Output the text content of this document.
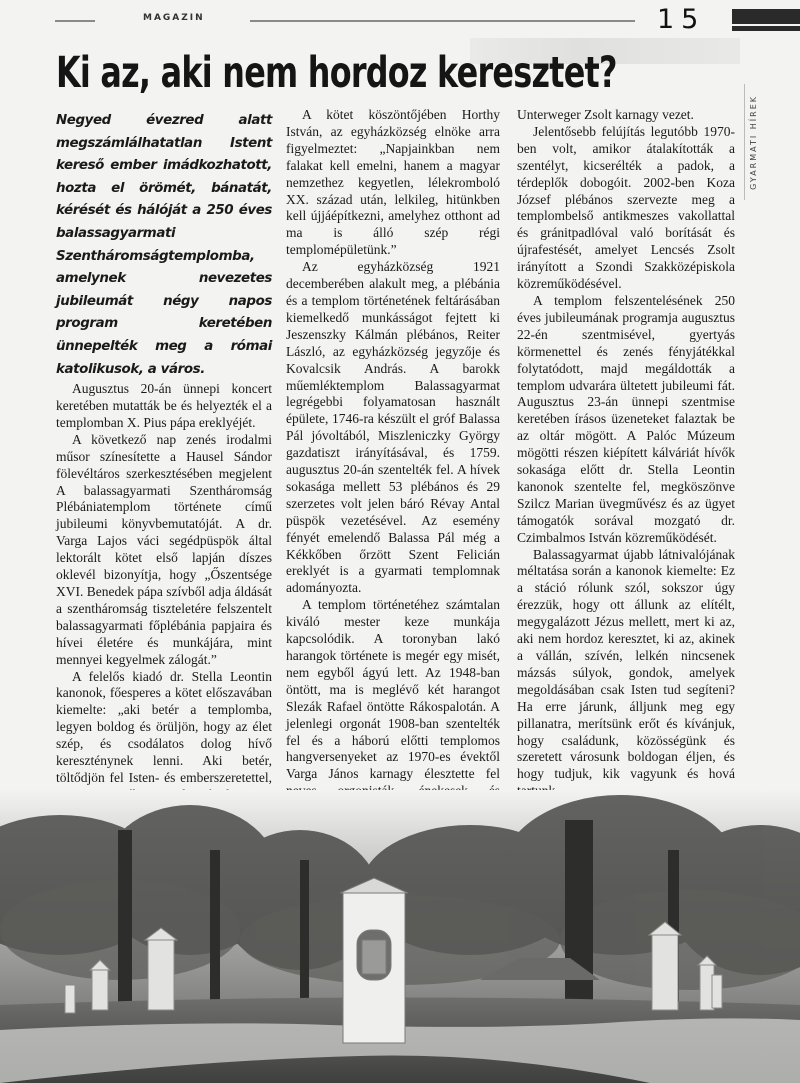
MAGAZIN	15
GYARMATI HÍREK
Ki az, aki nem hordoz keresztet?

Negyed évezred alatt megszámlálhatatlan Istent kereső ember imádkozhatott, hozta el örömét, bánatát, kérését és hálóját a 250 éves balassagyarmati Szentháromságtemplomba, amelynek nevezetes jubileumát négy napos program keretében ünnepelték meg a római katolikusok, a város.

Augusztus 20-án ünnepi koncert keretében mutatták be és helyezték el a templomban X. Pius pápa ereklyéjét.

A következő nap zenés irodalmi műsor színesítette a Hausel Sándor fölevéltáros szerkesztésében megjelent A balassagyarmati Szentháromság Plébániatemplom története című jubileumi könyvbemutatóját. A dr. Varga Lajos váci segédpüspök által lektorált kötet első lapján díszes oklevél bizonyítja, hogy „Őszentsége XVI. Benedek pápa szívből adja áldását a szentháromság tiszteletére felszentelt balassagyarmati főplébánia papjaira és hívei életére és munkájára, mint mennyei kegyelmek zálogát.”

A felelős kiadó dr. Stella Leontin kanonok, főesperes a kötet előszavában kiemelte: „aki betér a templomba, legyen boldog és örüljön, hogy az élet szép, és csodálatos dolog hívő kereszténynek lenni. Aki betér, töltődjön fel Isten- és emberszeretettel,

A kötet köszöntőjében Horthy István, az egyházközség elnöke arra figyelmeztet: „Napjainkban nem falakat kell emelni, hanem a magyar nemzethez kegyetlen, lélekromboló XX. század után, lelkileg, hitünkben kell újjáépítkezni, amelyhez otthont ad ma is álló szép régi templomépületünk.”

Az egyházközség 1921 decemberében alakult meg, a plébánia és a templom történetének feltárásában kiemelkedő munkásságot fejtett ki Jeszenszky Kálmán plébános, Reiter László, az egyházközség jegyzője és Kovalcsik András. A barokk műemléktemplom Balassagyarmat legrégebbi folyamatosan használt épülete, 1746-ra készült el gróf Balassa Pál jóvoltából, Miszleniczky György gazdatiszt irányításával, és 1759. augusztus 20-án szentelték fel. A hívek sokasága mellett 53 plébános és 29 szerzetes volt jelen báró Révay Antal püspök vezetésével. Az esemény fényét emelendő Balassa Pál még a Kékkőben őrzött Szent Felicián ereklyét is a gyarmati templomnak adományozta.

A templom történetéhez számtalan kiváló mester keze munkája kapcsolódik. A toronyban lakó harangok története is megér egy misét, nem egyből ágyú lett. Az 1948-ban öntött, ma is meglévő két harangot Slezák Rafael öntötte Rákospalotán. A jelenlegi orgonát 1908-ban szentelték fel és a háború előtti templomos hangversenyeket az 1970-es évektől Varga János karnagy élesztette fel

Unterweger Zsolt karnagy vezet.

Jelentősebb felújítás legutóbb 1970-ben volt, amikor átalakították a szentélyt, kicserélték a padok, a térdeplők dobogóit. 2002-ben Koza József plébános szervezte meg a templombelső antikmeszes vakollattal és gránitpadlóval való borítását és újrafestését, amelyet Lencsés Zsolt irányított a Szondi Szakközépiskola közreműködésével.

A templom felszentelésének 250 éves jubileumának programja augusztus 22-én szentmisével, gyertyás körmenettel és zenés fényjátékkal folytatódott, majd megáldották a templom udvarára ültetett jubileumi fát. Augusztus 23-án ünnepi szentmise keretében írásos üzeneteket falaztak be az oltár mögött. A Palóc Múzeum mögötti részen kiépített kálváriát hívők sokasága előtt dr. Stella Leontin kanonok szentelte fel, megköszönve Szilcz Marian üvegművész és az ügyet támogatók sorával mozgató dr. Czimbalmos István közreműködését.

Balassagyarmat újabb látnivalójának méltatása során a kanonok kiemelte: Ez a stáció rólunk szól, sokszor úgy érezzük, hogy ott állunk az elítélt, megygalázott Jézus mellett, mert ki az, aki nem hordoz keresztet, ki az, akinek a vállán, szívén, lelkén nincsenek mázsás súlyok, gondok, amelyek megoldásában csak Isten tud segíteni? Ha erre járunk, álljunk meg egy pillanatra, merítsünk erőt és kívánjuk, hogy családunk, közösségünk és szeretett városunk boldogan éljen, és hogy tudjuk, kik vagyunk és hová
